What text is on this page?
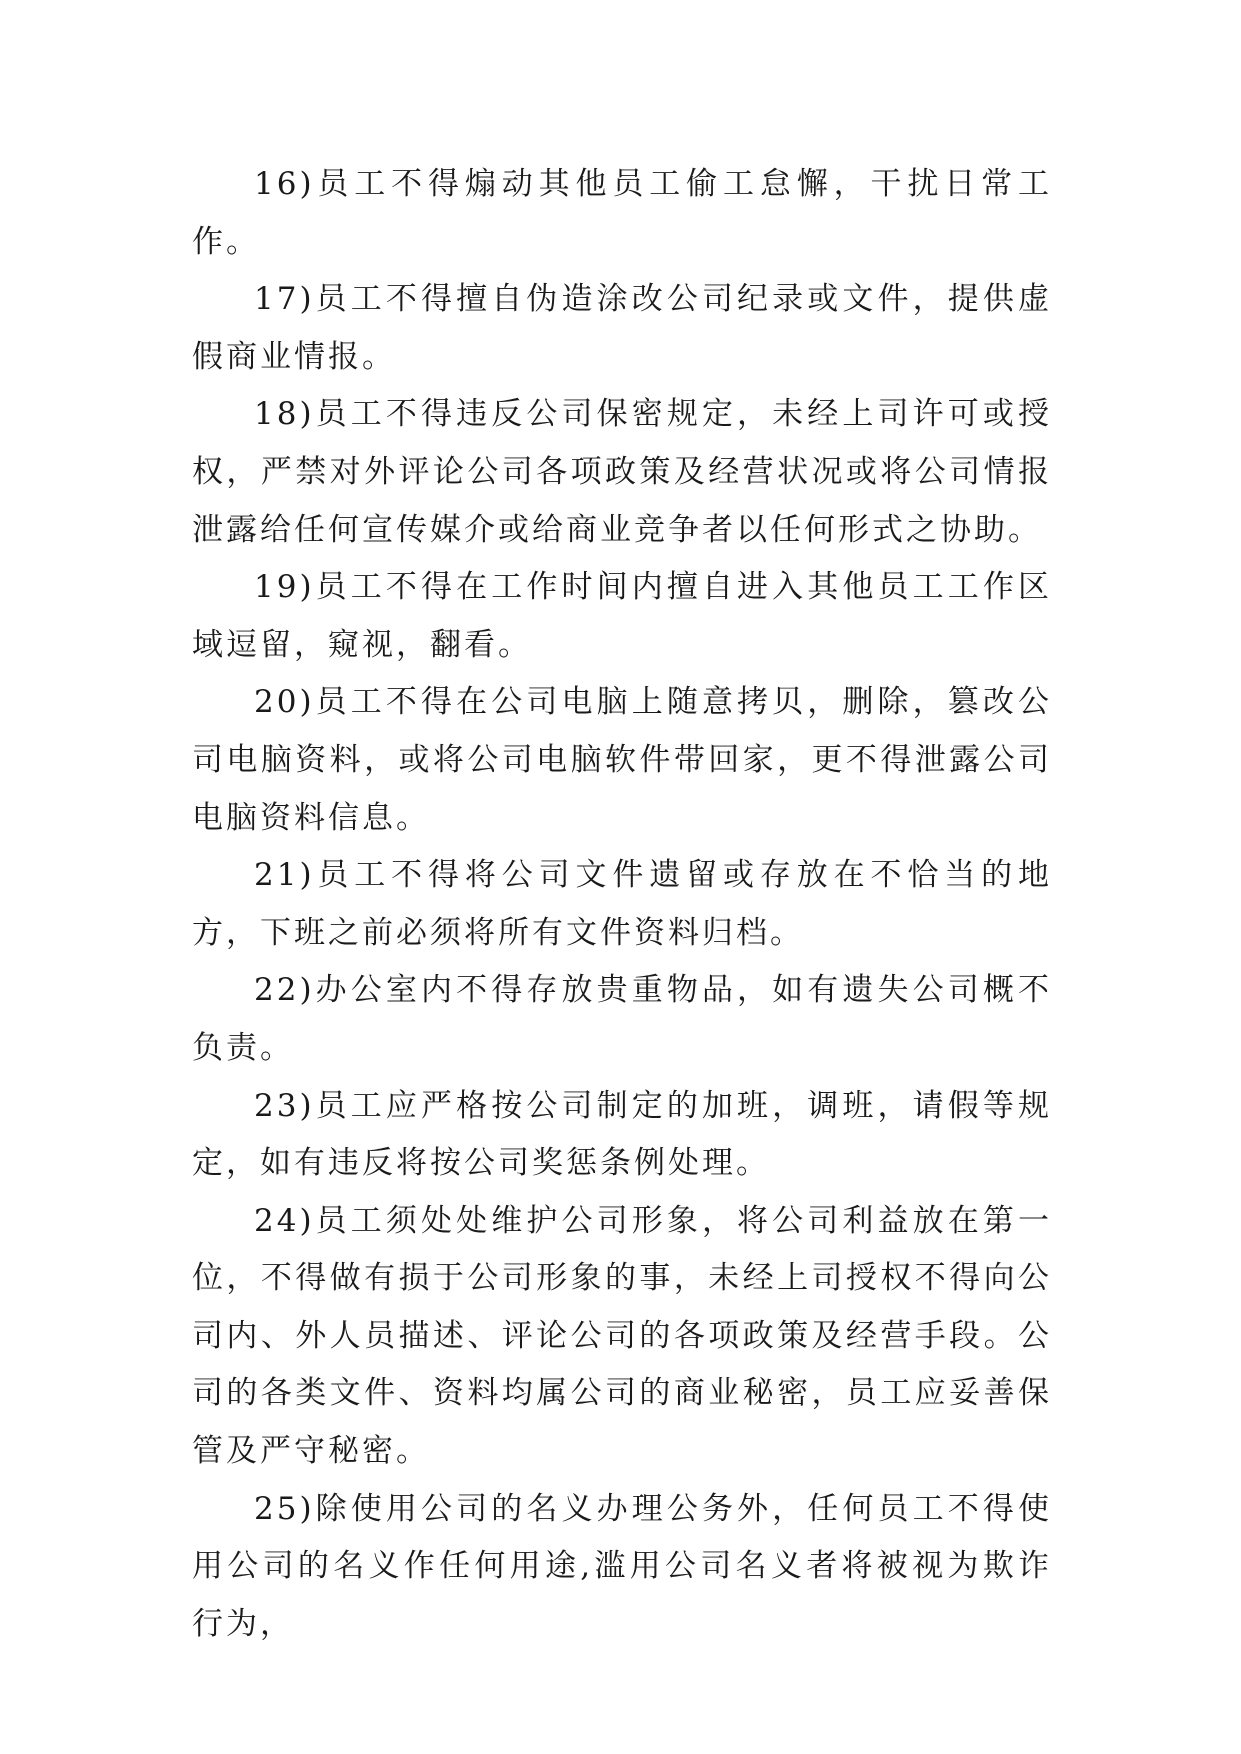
16)员工不得煽动其他员工偷工怠懈，干扰日常工作。

17)员工不得擅自伪造涂改公司纪录或文件，提供虚假商业情报。

18)员工不得违反公司保密规定，未经上司许可或授权，严禁对外评论公司各项政策及经营状况或将公司情报泄露给任何宣传媒介或给商业竞争者以任何形式之协助。

19)员工不得在工作时间内擅自进入其他员工工作区域逗留，窥视，翻看。

20)员工不得在公司电脑上随意拷贝，删除，篡改公司电脑资料，或将公司电脑软件带回家，更不得泄露公司电脑资料信息。

21)员工不得将公司文件遗留或存放在不恰当的地方，下班之前必须将所有文件资料归档。

22)办公室内不得存放贵重物品，如有遗失公司概不负责。

23)员工应严格按公司制定的加班，调班，请假等规定，如有违反将按公司奖惩条例处理。

24)员工须处处维护公司形象，将公司利益放在第一位，不得做有损于公司形象的事，未经上司授权不得向公司内、外人员描述、评论公司的各项政策及经营手段。公司的各类文件、资料均属公司的商业秘密，员工应妥善保管及严守秘密。

25)除使用公司的名义办理公务外，任何员工不得使用公司的名义作任何用途,滥用公司名义者将被视为欺诈行为，
